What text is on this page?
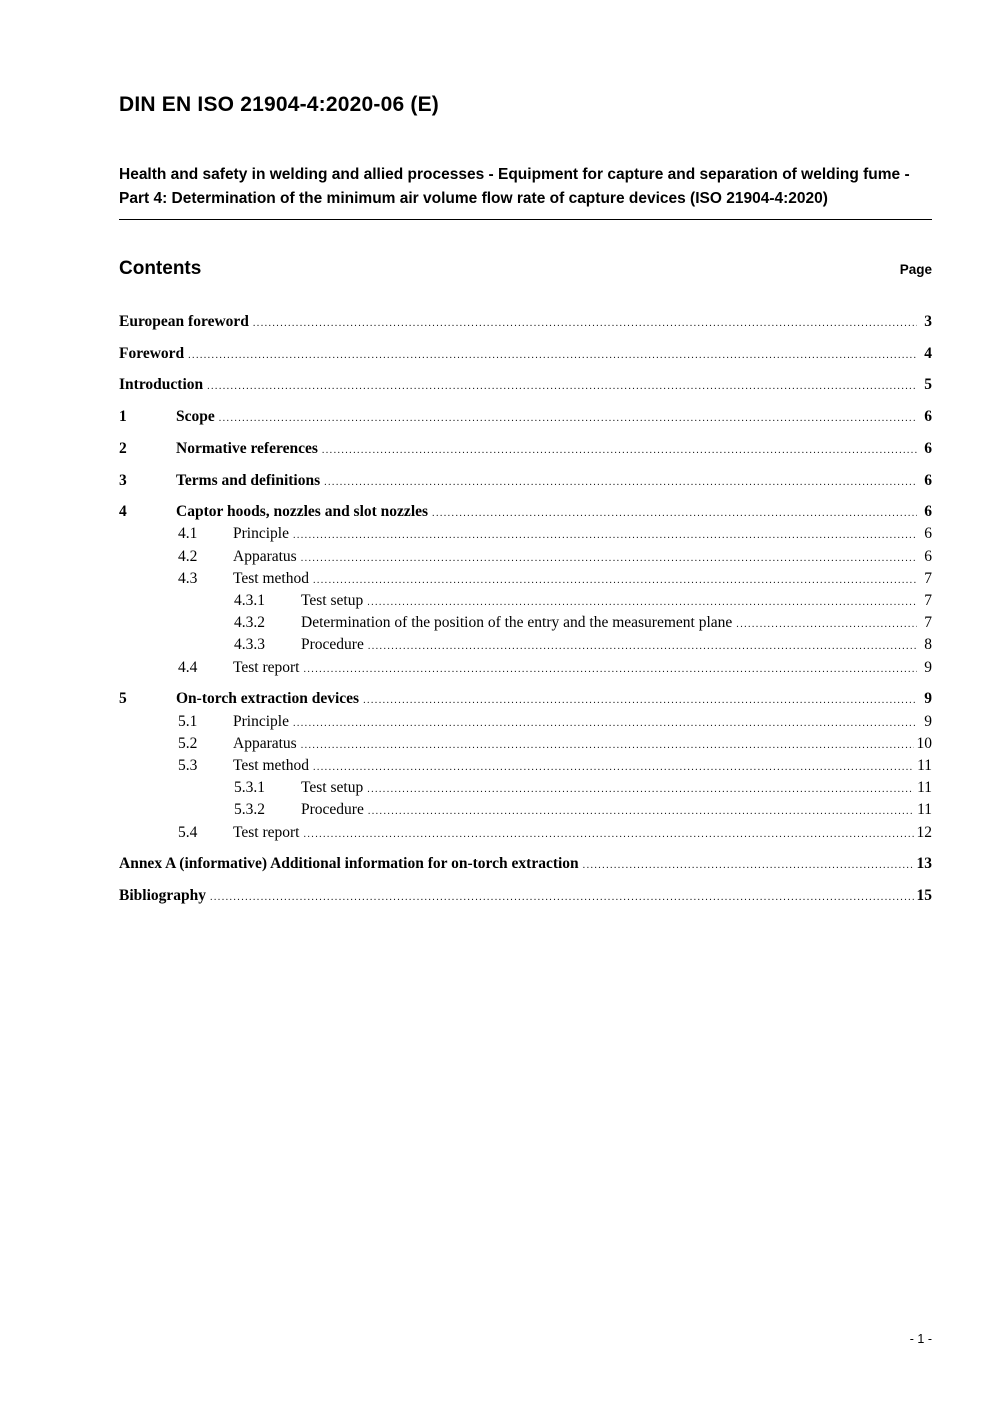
DIN EN ISO 21904-4:2020-06 (E)
Health and safety in welding and allied processes - Equipment for capture and separation of welding fume - Part 4: Determination of the minimum air volume flow rate of capture devices (ISO 21904-4:2020)
Contents	Page
European foreword .....	3
Foreword .....	4
Introduction .....	5
1	Scope .....	6
2	Normative references .....	6
3	Terms and definitions .....	6
4	Captor hoods, nozzles and slot nozzles .....	6
4.1	Principle .....	6
4.2	Apparatus .....	6
4.3	Test method .....	7
4.3.1	Test setup .....	7
4.3.2	Determination of the position of the entry and the measurement plane .....	7
4.3.3	Procedure .....	8
4.4	Test report .....	9
5	On-torch extraction devices .....	9
5.1	Principle .....	9
5.2	Apparatus .....	10
5.3	Test method .....	11
5.3.1	Test setup .....	11
5.3.2	Procedure .....	11
5.4	Test report .....	12
Annex A (informative) Additional information for on-torch extraction .....	13
Bibliography .....	15
- 1 -
